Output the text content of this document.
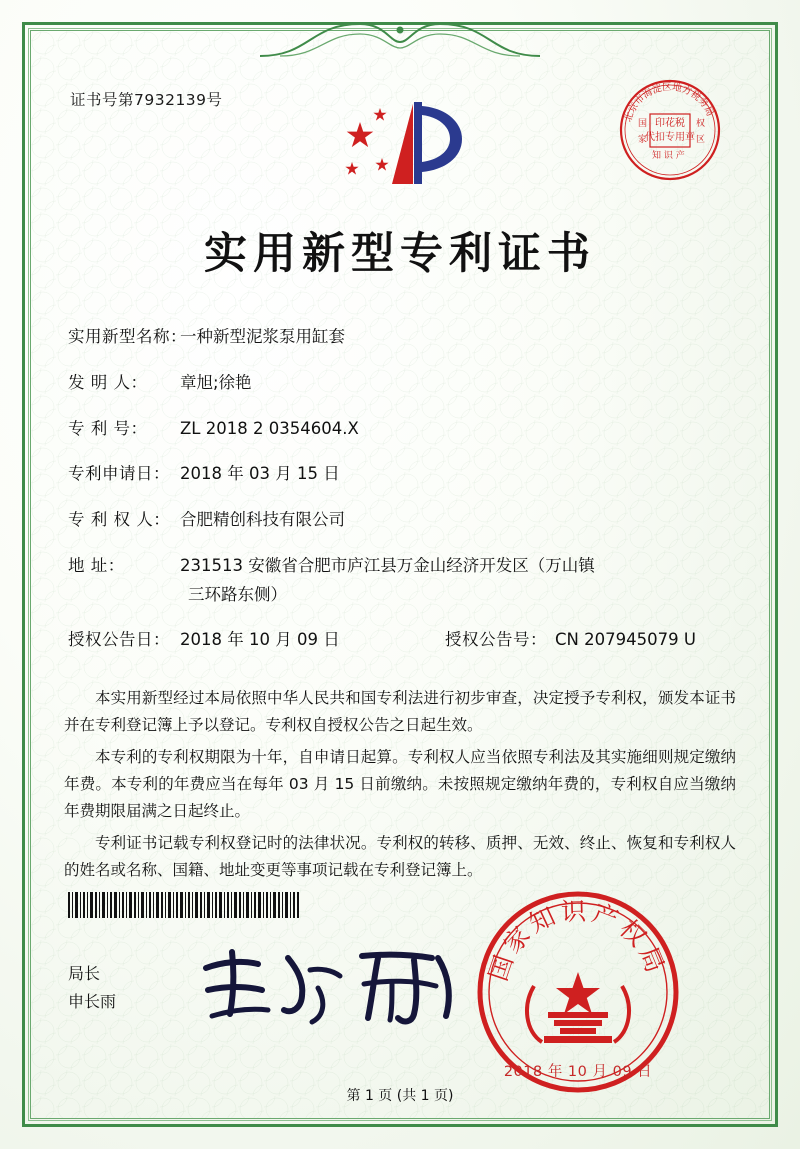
证书号第7932139号
北京市海淀区地方税务局
印花税
代扣专用章
国
家
权
区
知 识 产
实用新型专利证书
实用新型名称：一种新型泥浆泵用缸套
发 明 人： 章旭;徐艳
专 利 号： ZL 2018 2 0354604.X
专利申请日： 2018 年 03 月 15 日
专 利 权 人： 合肥精创科技有限公司
地 址：	231513 安徽省合肥市庐江县万金山经济开发区（万山镇
三环路东侧）
授权公告日： 2018 年 10 月 09 日	授权公告号： CN 207945079 U

本实用新型经过本局依照中华人民共和国专利法进行初步审查，决定授予专利权，颁发本证书并在专利登记簿上予以登记。专利权自授权公告之日起生效。

本专利的专利权期限为十年，自申请日起算。专利权人应当依照专利法及其实施细则规定缴纳年费。本专利的年费应当在每年 03 月 15 日前缴纳。未按照规定缴纳年费的，专利权自应当缴纳年费期限届满之日起终止。

专利证书记载专利权登记时的法律状况。专利权的转移、质押、无效、终止、恢复和专利权人的姓名或名称、国籍、地址变更等事项记载在专利登记簿上。

局长
申长雨
国家知识产权局
2018 年 10 月 09 日
第 1 页 (共 1 页)
